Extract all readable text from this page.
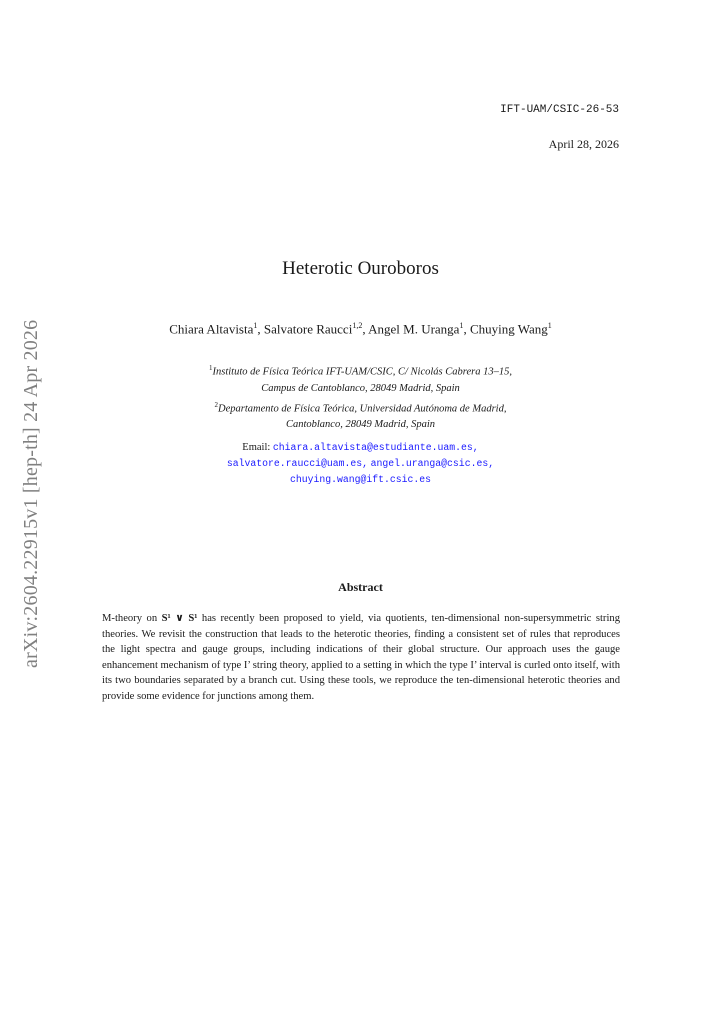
IFT-UAM/CSIC-26-53
April 28, 2026
Heterotic Ouroboros
Chiara Altavista$^1$, Salvatore Raucci$^{1,2}$, Angel M. Uranga$^1$, Chuying Wang$^1$
$^1$Instituto de Física Teórica IFT-UAM/CSIC, C/ Nicolás Cabrera 13–15,
Campus de Cantoblanco, 28049 Madrid, Spain
$^2$Departamento de Física Teórica, Universidad Autónoma de Madrid,
Cantoblanco, 28049 Madrid, Spain
Email: chiara.altavista@estudiante.uam.es,
salvatore.raucci@uam.es, angel.uranga@csic.es,
chuying.wang@ift.csic.es
Abstract
M-theory on S¹ ∨ S¹ has recently been proposed to yield, via quotients, ten-dimensional non-supersymmetric string theories. We revisit the construction that leads to the heterotic theories, finding a consistent set of rules that reproduces the light spectra and gauge groups, including indications of their global structure. Our approach uses the gauge enhancement mechanism of type I’ string theory, applied to a setting in which the type I’ interval is curled onto itself, with its two boundaries separated by a branch cut. Using these tools, we reproduce the ten-dimensional heterotic theories and provide some evidence for junctions among them.
arXiv:2604.22915v1 [hep-th] 24 Apr 2026
